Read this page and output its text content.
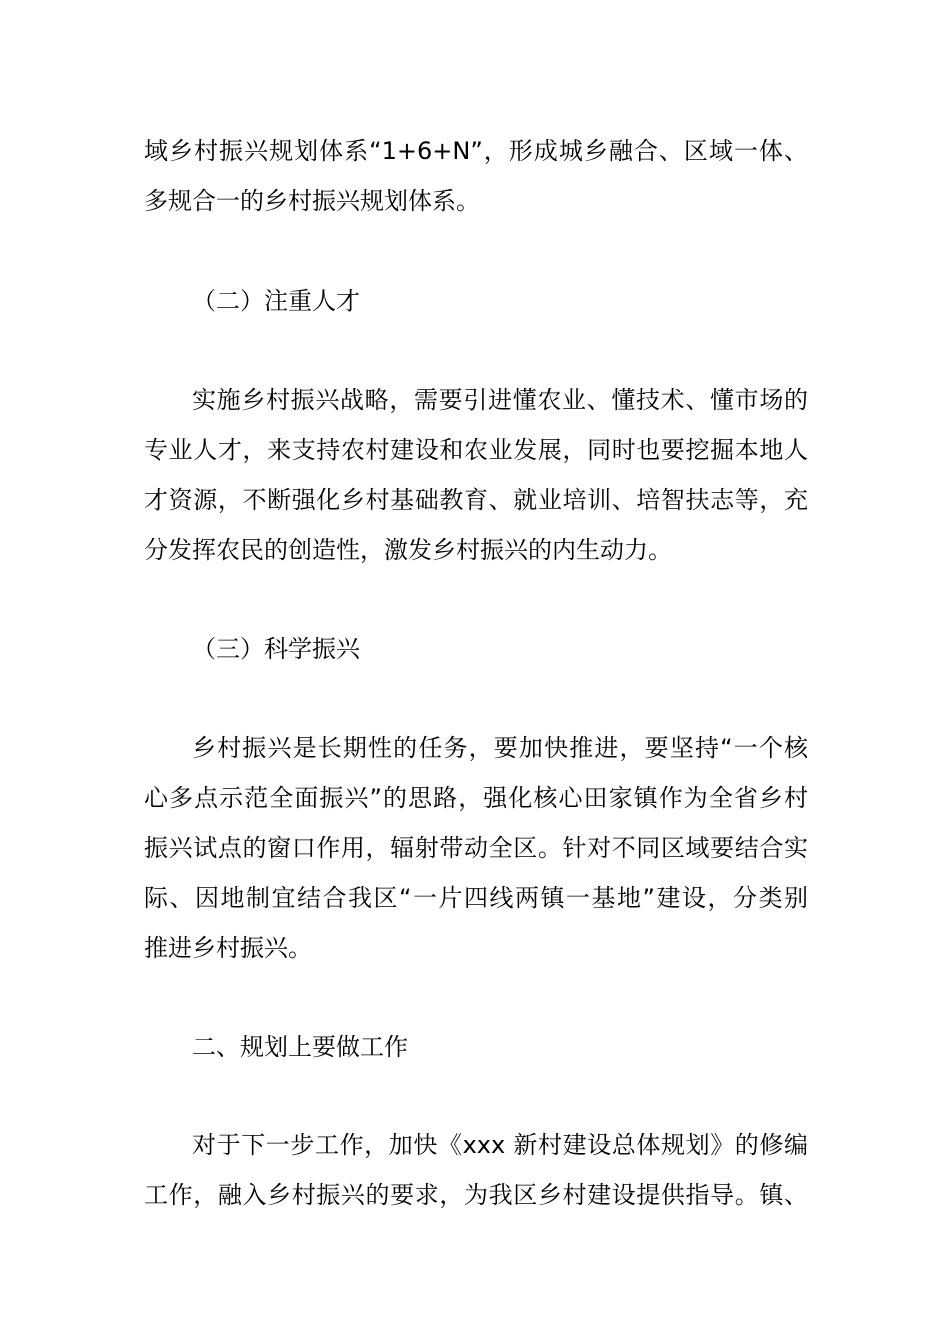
域乡村振兴规划体系“1+6+N”，形成城乡融合、区域一体、
多规合一的乡村振兴规划体系。
（二）注重人才
实施乡村振兴战略，需要引进懂农业、懂技术、懂市场的
专业人才，来支持农村建设和农业发展，同时也要挖掘本地人
才资源，不断强化乡村基础教育、就业培训、培智扶志等，充
分发挥农民的创造性，激发乡村振兴的内生动力。
（三）科学振兴
乡村振兴是长期性的任务，要加快推进，要坚持“一个核
心多点示范全面振兴”的思路，强化核心田家镇作为全省乡村
振兴试点的窗口作用，辐射带动全区。针对不同区域要结合实
际、因地制宜结合我区“一片四线两镇一基地”建设，分类别
推进乡村振兴。
二、规划上要做工作
对于下一步工作，加快《xxx 新村建设总体规划》的修编
工作，融入乡村振兴的要求，为我区乡村建设提供指导。镇、
